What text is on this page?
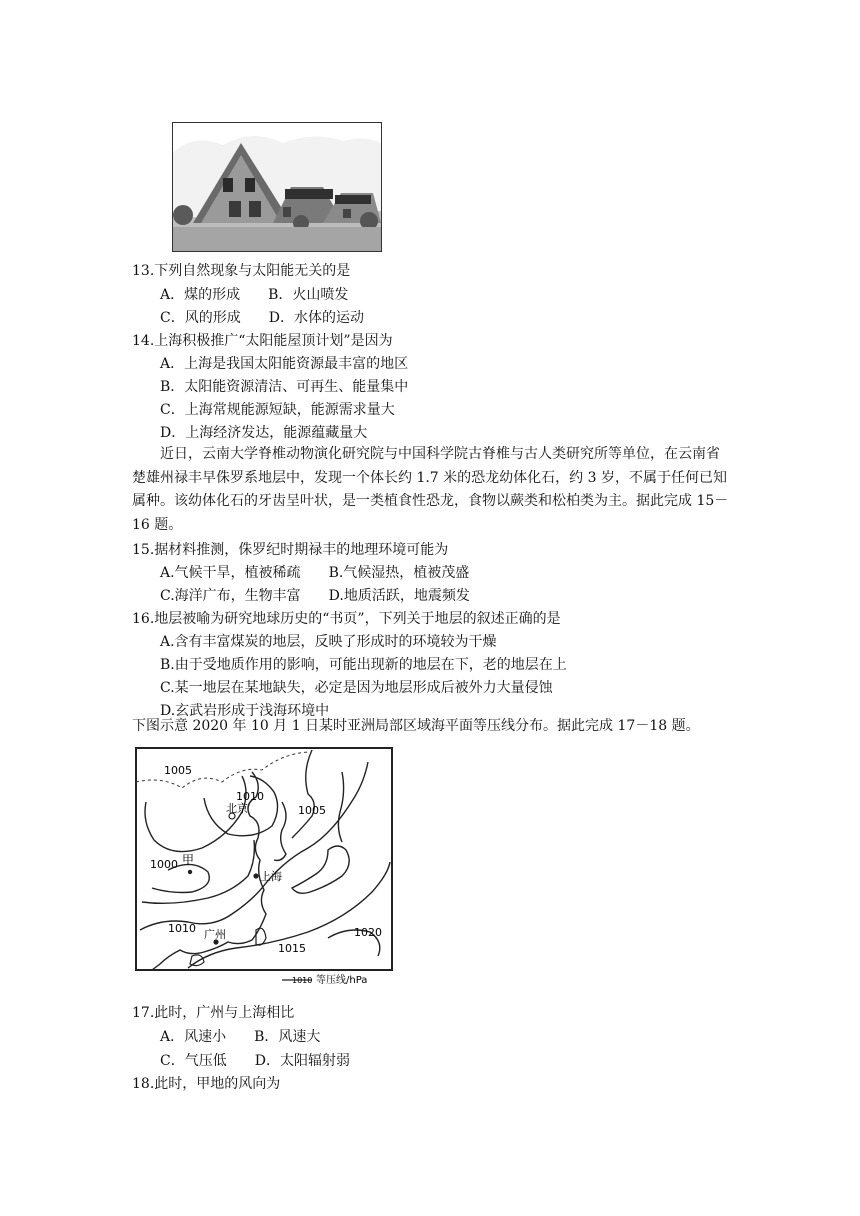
13.下列自然现象与太阳能无关的是
A．煤的形成 B．火山喷发
C．风的形成 D．水体的运动
14.上海积极推广“太阳能屋顶计划”是因为
A．上海是我国太阳能资源最丰富的地区
B．太阳能资源清洁、可再生、能量集中
C．上海常规能源短缺，能源需求量大
D．上海经济发达，能源蕴藏量大
近日，云南大学脊椎动物演化研究院与中国科学院古脊椎与古人类研究所等单位，在云南省楚雄州禄丰早侏罗系地层中，发现一个体长约 1.7 米的恐龙幼体化石，约 3 岁，不属于任何已知属种。该幼体化石的牙齿呈叶状，是一类植食性恐龙，食物以蕨类和松柏类为主。据此完成 15－16 题。
15.据材料推测，侏罗纪时期禄丰的地理环境可能为
A.气候干旱，植被稀疏 B.气候湿热，植被茂盛
C.海洋广布，生物丰富 D.地质活跃，地震频发
16.地层被喻为研究地球历史的“书页”，下列关于地层的叙述正确的是
A.含有丰富煤炭的地层，反映了形成时的环境较为干燥
B.由于受地质作用的影响，可能出现新的地层在下，老的地层在上
C.某一地层在某地缺失，必定是因为地层形成后被外力大量侵蚀
D.玄武岩形成于浅海环境中
下图示意 2020 年 10 月 1 日某时亚洲局部区域海平面等压线分布。据此完成 17－18 题。
1005
1010
北京	1005
1000 甲
上海
1010 广州
1015
1020
1010 等压线/hPa
17.此时，广州与上海相比
A．风速小 B．风速大
C．气压低 D．太阳辐射弱
18.此时，甲地的风向为
